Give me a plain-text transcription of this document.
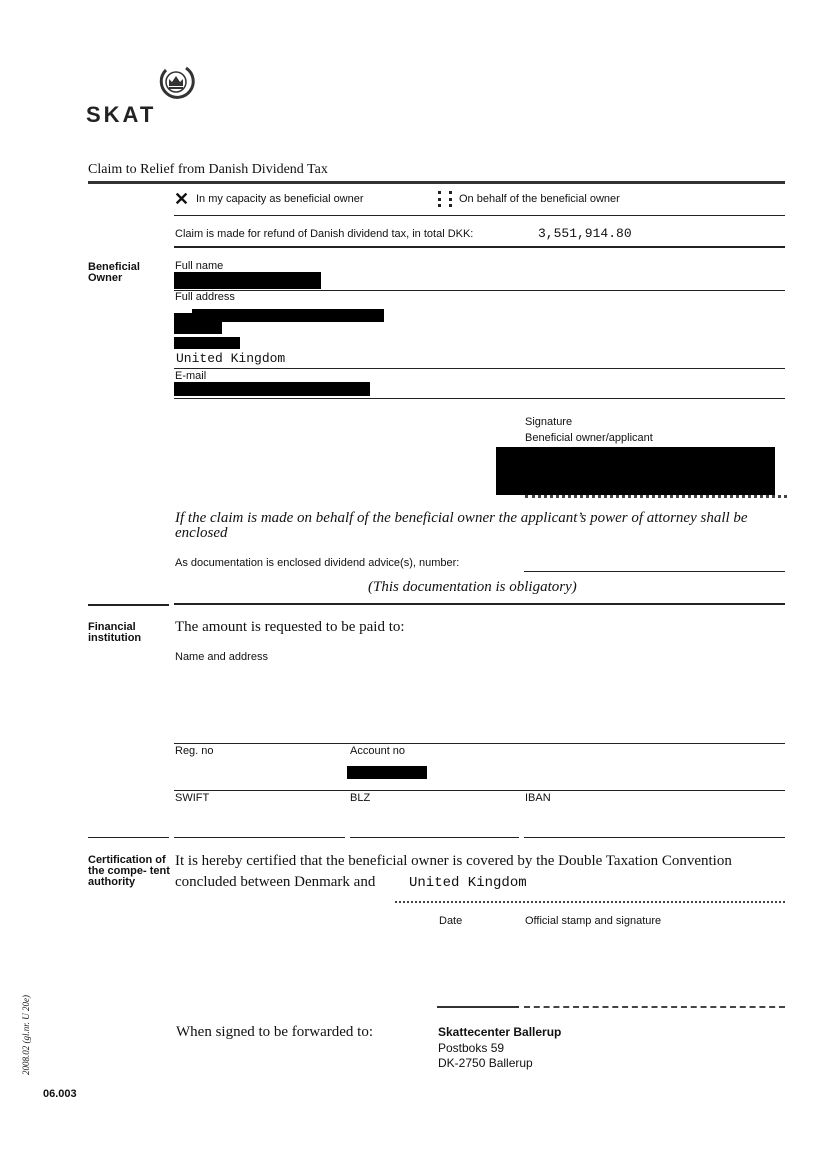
SKAT
Claim to Relief from Danish Dividend Tax
✕ In my capacity as beneficial owner	On behalf of the beneficial owner
Claim is made for refund of Danish dividend tax, in total DKK:	3,551,914.80
Beneficial Owner
Full name
Full address
United Kingdom
E-mail
Signature
Beneficial owner/applicant
If the claim is made on behalf of the beneficial owner the applicant’s power of attorney shall be enclosed
As documentation is enclosed dividend advice(s), number:
(This documentation is obligatory)
Financial institution
The amount is requested to be paid to:
Name and address
Reg. no	Account no
SWIFT	BLZ	IBAN
Certification of the compe- tent authority
It is hereby certified that the beneficial owner is covered by the Double Taxation Convention
concluded between Denmark and United Kingdom
Date	Official stamp and signature
When signed to be forwarded to:	Skattecenter Ballerup
Postboks 59
DK-2750 Ballerup
2008.02 (gl.nr. U 20e)
06.003
